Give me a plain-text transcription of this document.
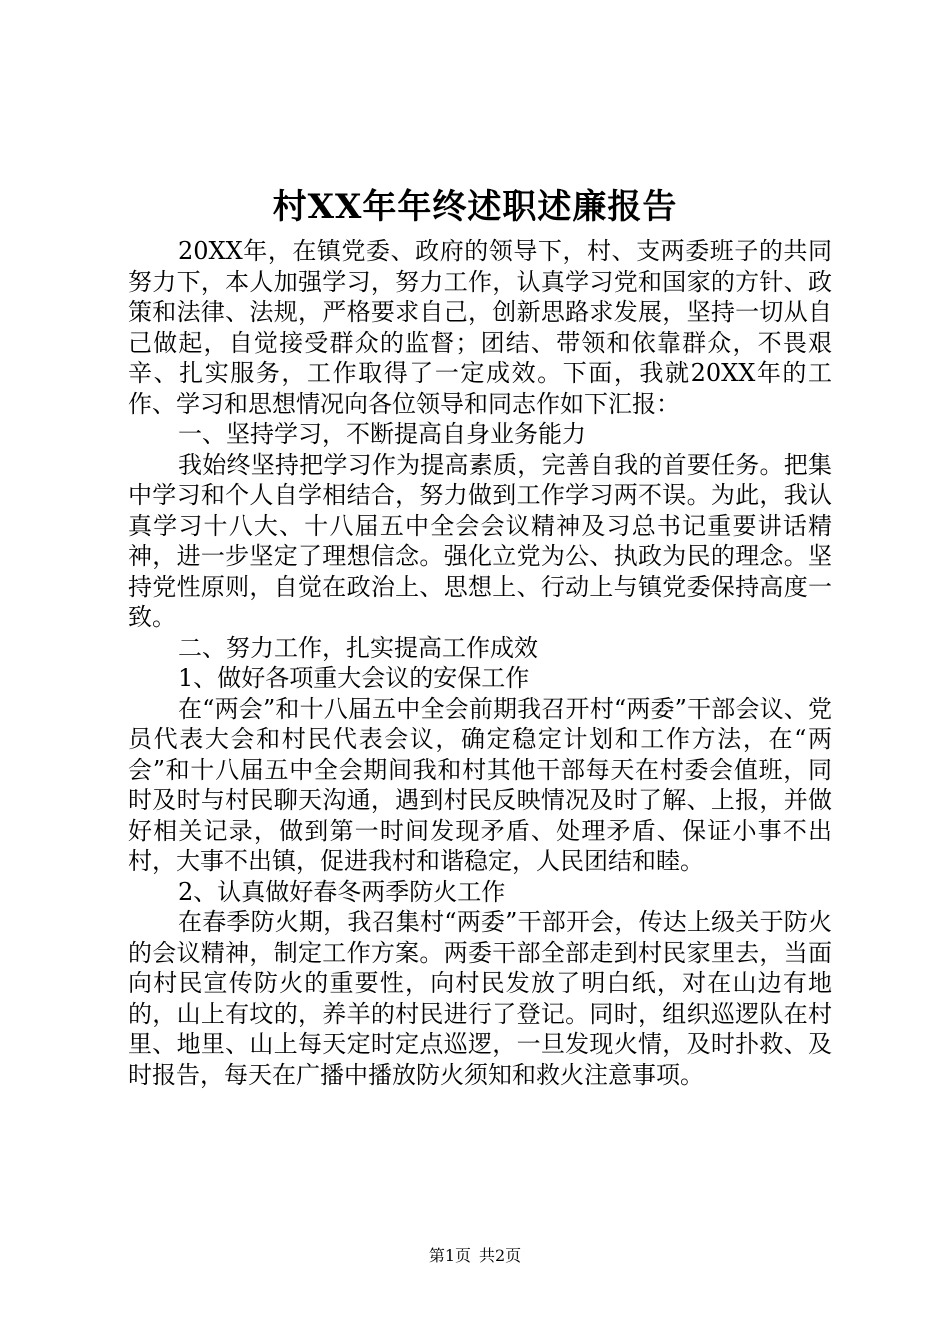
村XX年年终述职述廉报告

20XX年，在镇党委、政府的领导下，村、支两委班子的共同努力下，本人加强学习，努力工作，认真学习党和国家的方针、政策和法律、法规，严格要求自己，创新思路求发展，坚持一切从自己做起，自觉接受群众的监督；团结、带领和依靠群众，不畏艰辛、扎实服务，工作取得了一定成效。下面，我就20XX年的工作、学习和思想情况向各位领导和同志作如下汇报：

一、坚持学习，不断提高自身业务能力

我始终坚持把学习作为提高素质，完善自我的首要任务。把集中学习和个人自学相结合，努力做到工作学习两不误。为此，我认真学习十八大、十八届五中全会会议精神及习总书记重要讲话精神，进一步坚定了理想信念。强化立党为公、执政为民的理念。坚持党性原则，自觉在政治上、思想上、行动上与镇党委保持高度一致。

二、努力工作，扎实提高工作成效

1、做好各项重大会议的安保工作

在“两会”和十八届五中全会前期我召开村“两委”干部会议、党员代表大会和村民代表会议，确定稳定计划和工作方法，在“两会”和十八届五中全会期间我和村其他干部每天在村委会值班，同时及时与村民聊天沟通，遇到村民反映情况及时了解、上报，并做好相关记录，做到第一时间发现矛盾、处理矛盾、保证小事不出村，大事不出镇，促进我村和谐稳定，人民团结和睦。

2、认真做好春冬两季防火工作

在春季防火期，我召集村“两委”干部开会，传达上级关于防火的会议精神，制定工作方案。两委干部全部走到村民家里去，当面向村民宣传防火的重要性，向村民发放了明白纸，对在山边有地的，山上有坟的，养羊的村民进行了登记。同时，组织巡逻队在村里、地里、山上每天定时定点巡逻，一旦发现火情，及时扑救、及时报告，每天在广播中播放防火须知和救火注意事项。

第1页 共2页
